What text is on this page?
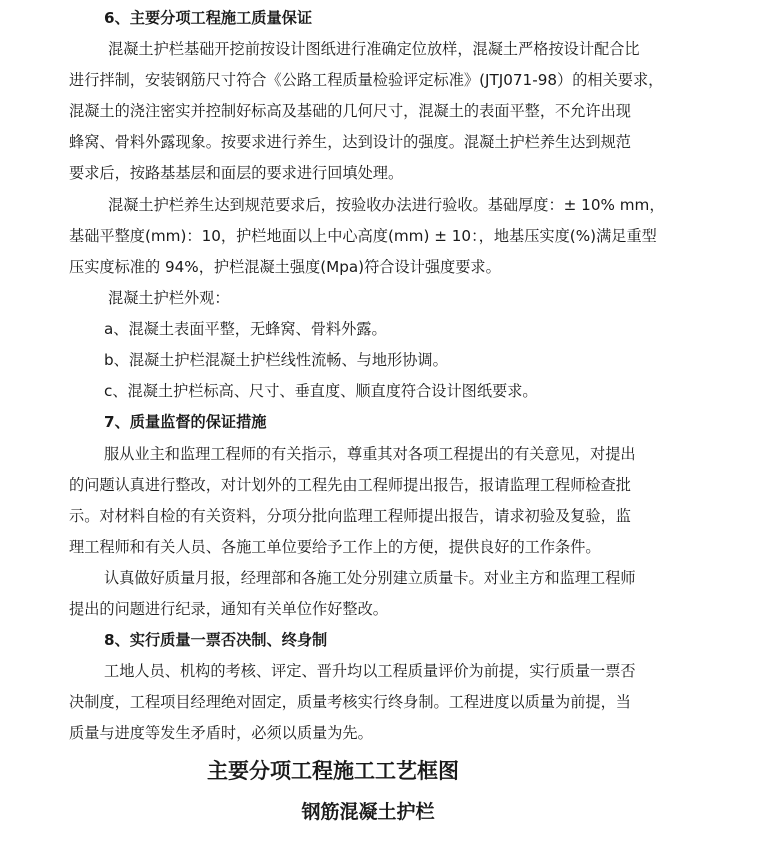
6、主要分项工程施工质量保证
混凝土护栏基础开挖前按设计图纸进行准确定位放样，混凝土严格按设计配合比
进行拌制，安装钢筋尺寸符合《公路工程质量检验评定标准》(JTJ071-98）的相关要求，
混凝土的浇注密实并控制好标高及基础的几何尺寸，混凝土的表面平整，不允许出现
蜂窝、骨料外露现象。按要求进行养生，达到设计的强度。混凝土护栏养生达到规范
要求后，按路基基层和面层的要求进行回填处理。
混凝土护栏养生达到规范要求后，按验收办法进行验收。基础厚度：± 10% mm，
基础平整度(mm)：10，护栏地面以上中心高度(mm) ± 10：，地基压实度(%)满足重型
压实度标准的 94%，护栏混凝土强度(Mpa)符合设计强度要求。
混凝土护栏外观：
a、混凝土表面平整，无蜂窝、骨料外露。
b、混凝土护栏混凝土护栏线性流畅、与地形协调。
c、混凝土护栏标高、尺寸、垂直度、顺直度符合设计图纸要求。
7、质量监督的保证措施
服从业主和监理工程师的有关指示，尊重其对各项工程提出的有关意见，对提出
的问题认真进行整改，对计划外的工程先由工程师提出报告，报请监理工程师检查批
示。对材料自检的有关资料，分项分批向监理工程师提出报告，请求初验及复验，监
理工程师和有关人员、各施工单位要给予工作上的方便，提供良好的工作条件。
认真做好质量月报，经理部和各施工处分别建立质量卡。对业主方和监理工程师
提出的问题进行纪录，通知有关单位作好整改。
8、实行质量一票否决制、终身制
工地人员、机构的考核、评定、晋升均以工程质量评价为前提，实行质量一票否
决制度，工程项目经理绝对固定，质量考核实行终身制。工程进度以质量为前提，当
质量与进度等发生矛盾时，必须以质量为先。
主要分项工程施工工艺框图
钢筋混凝土护栏
